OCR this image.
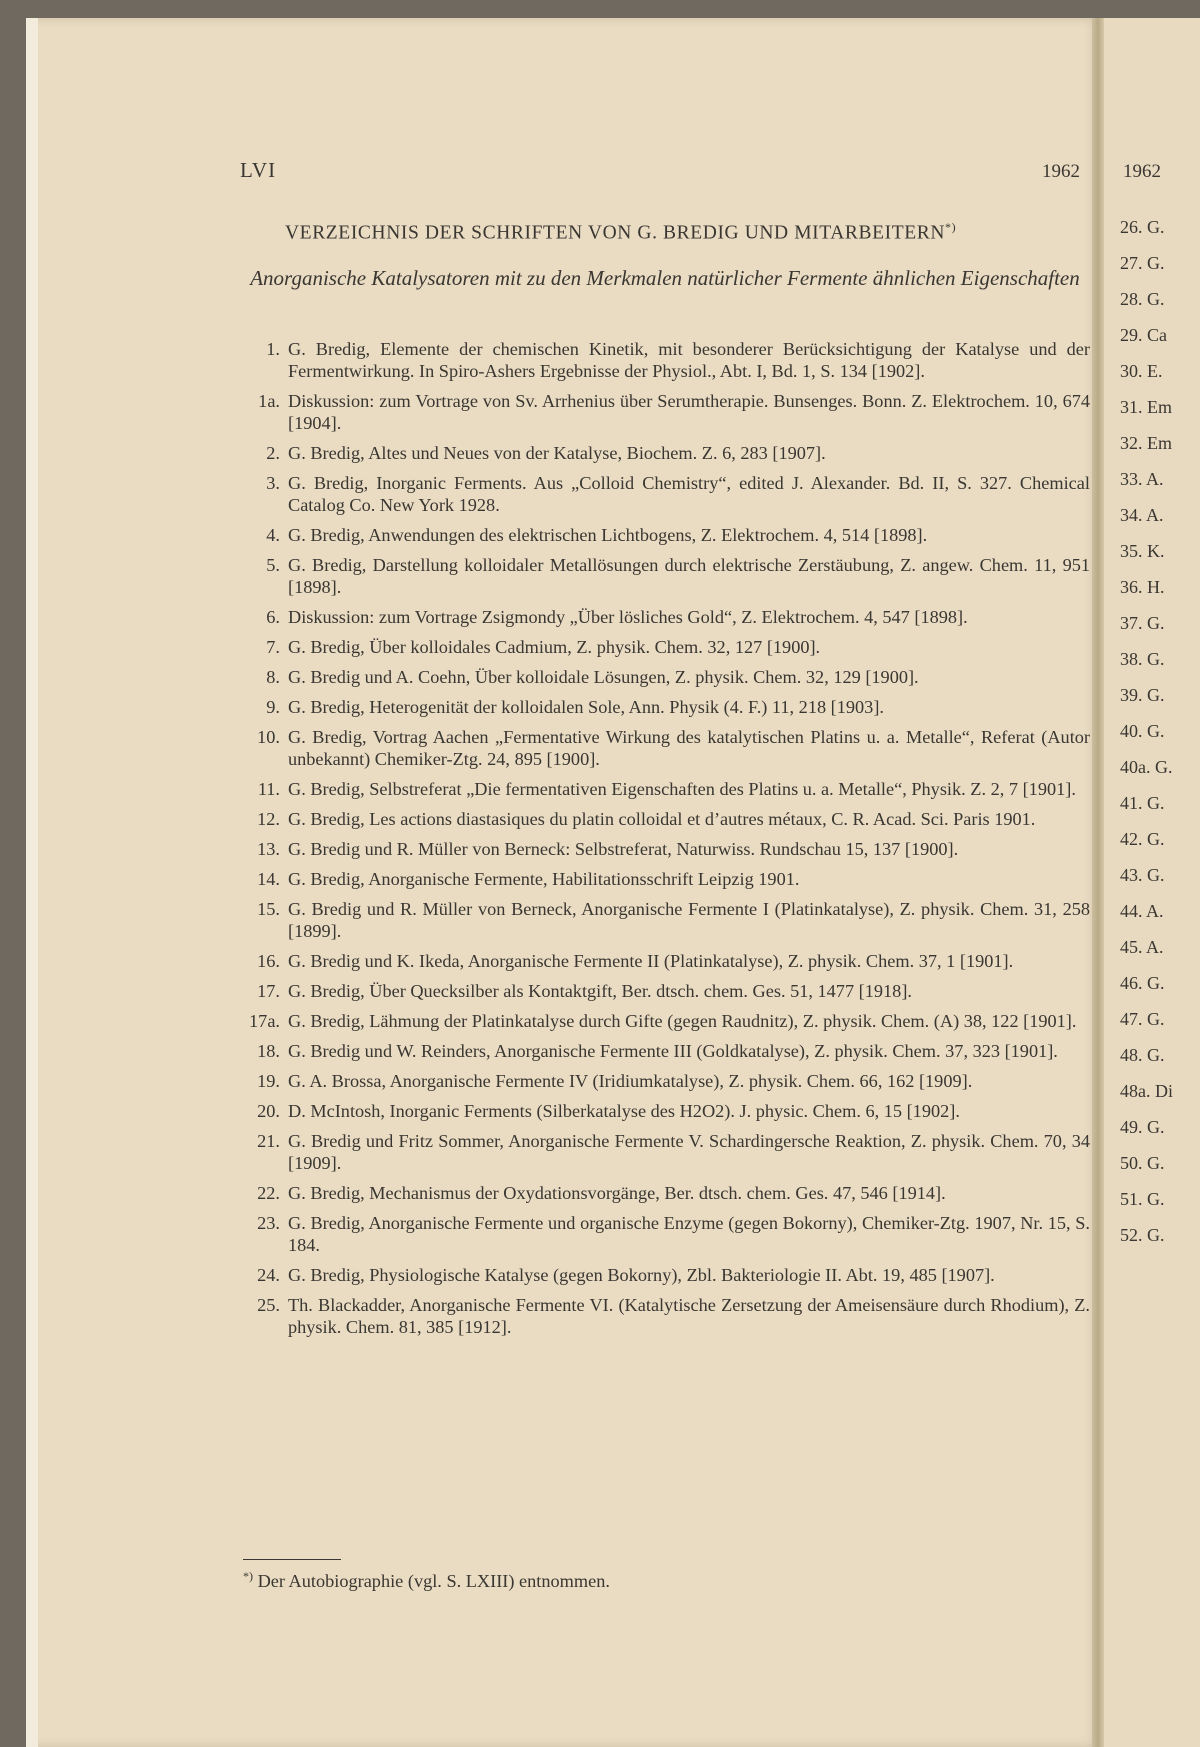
LVI	1962
VERZEICHNIS DER SCHRIFTEN VON G. BREDIG UND MITARBEITERN*)
Anorganische Katalysatoren mit zu den Merkmalen natürlicher Fermente ähnlichen Eigenschaften
1. G. Bredig, Elemente der chemischen Kinetik, mit besonderer Berücksichtigung der Katalyse und der Fermentwirkung. In Spiro-Ashers Ergebnisse der Physiol., Abt. I, Bd. 1, S. 134 [1902].
1a. Diskussion: zum Vortrage von Sv. Arrhenius über Serumtherapie. Bunsenges. Bonn. Z. Elektrochem. 10, 674 [1904].
2. G. Bredig, Altes und Neues von der Katalyse, Biochem. Z. 6, 283 [1907].
3. G. Bredig, Inorganic Ferments. Aus „Colloid Chemistry“, edited J. Alexander. Bd. II, S. 327. Chemical Catalog Co. New York 1928.
4. G. Bredig, Anwendungen des elektrischen Lichtbogens, Z. Elektrochem. 4, 514 [1898].
5. G. Bredig, Darstellung kolloidaler Metallösungen durch elektrische Zerstäubung, Z. angew. Chem. 11, 951 [1898].
6. Diskussion: zum Vortrage Zsigmondy „Über lösliches Gold“, Z. Elektrochem. 4, 547 [1898].
7. G. Bredig, Über kolloidales Cadmium, Z. physik. Chem. 32, 127 [1900].
8. G. Bredig und A. Coehn, Über kolloidale Lösungen, Z. physik. Chem. 32, 129 [1900].
9. G. Bredig, Heterogenität der kolloidalen Sole, Ann. Physik (4. F.) 11, 218 [1903].
10. G. Bredig, Vortrag Aachen „Fermentative Wirkung des katalytischen Platins u. a. Metalle“, Referat (Autor unbekannt) Chemiker-Ztg. 24, 895 [1900].
11. G. Bredig, Selbstreferat „Die fermentativen Eigenschaften des Platins u. a. Metalle“, Physik. Z. 2, 7 [1901].
12. G. Bredig, Les actions diastasiques du platin colloidal et d’autres métaux, C. R. Acad. Sci. Paris 1901.
13. G. Bredig und R. Müller von Berneck: Selbstreferat, Naturwiss. Rundschau 15, 137 [1900].
14. G. Bredig, Anorganische Fermente, Habilitationsschrift Leipzig 1901.
15. G. Bredig und R. Müller von Berneck, Anorganische Fermente I (Platinkatalyse), Z. physik. Chem. 31, 258 [1899].
16. G. Bredig und K. Ikeda, Anorganische Fermente II (Platinkatalyse), Z. physik. Chem. 37, 1 [1901].
17. G. Bredig, Über Quecksilber als Kontaktgift, Ber. dtsch. chem. Ges. 51, 1477 [1918].
17a. G. Bredig, Lähmung der Platinkatalyse durch Gifte (gegen Raudnitz), Z. physik. Chem. (A) 38, 122 [1901].
18. G. Bredig und W. Reinders, Anorganische Fermente III (Goldkatalyse), Z. physik. Chem. 37, 323 [1901].
19. G. A. Brossa, Anorganische Fermente IV (Iridiumkatalyse), Z. physik. Chem. 66, 162 [1909].
20. D. McIntosh, Inorganic Ferments (Silberkatalyse des H2O2). J. physic. Chem. 6, 15 [1902].
21. G. Bredig und Fritz Sommer, Anorganische Fermente V. Schardingersche Reaktion, Z. physik. Chem. 70, 34 [1909].
22. G. Bredig, Mechanismus der Oxydationsvorgänge, Ber. dtsch. chem. Ges. 47, 546 [1914].
23. G. Bredig, Anorganische Fermente und organische Enzyme (gegen Bokorny), Chemiker-Ztg. 1907, Nr. 15, S. 184.
24. G. Bredig, Physiologische Katalyse (gegen Bokorny), Zbl. Bakteriologie II. Abt. 19, 485 [1907].
25. Th. Blackadder, Anorganische Fermente VI. (Katalytische Zersetzung der Ameisensäure durch Rhodium), Z. physik. Chem. 81, 385 [1912].
*) Der Autobiographie (vgl. S. LXIII) entnommen.
1962
26. G.
27. G.
28. G.
29. Ca
30. E.
31. Em
32. Em
33. A.
34. A.
35. K.
36. H.
37. G.
38. G.
39. G.
40. G.
40a. G.
41. G.
42. G.
43. G.
44. A.
45. A.
46. G.
47. G.
48. G.
48a. Di
49. G.
50. G.
51. G.
52. G.
